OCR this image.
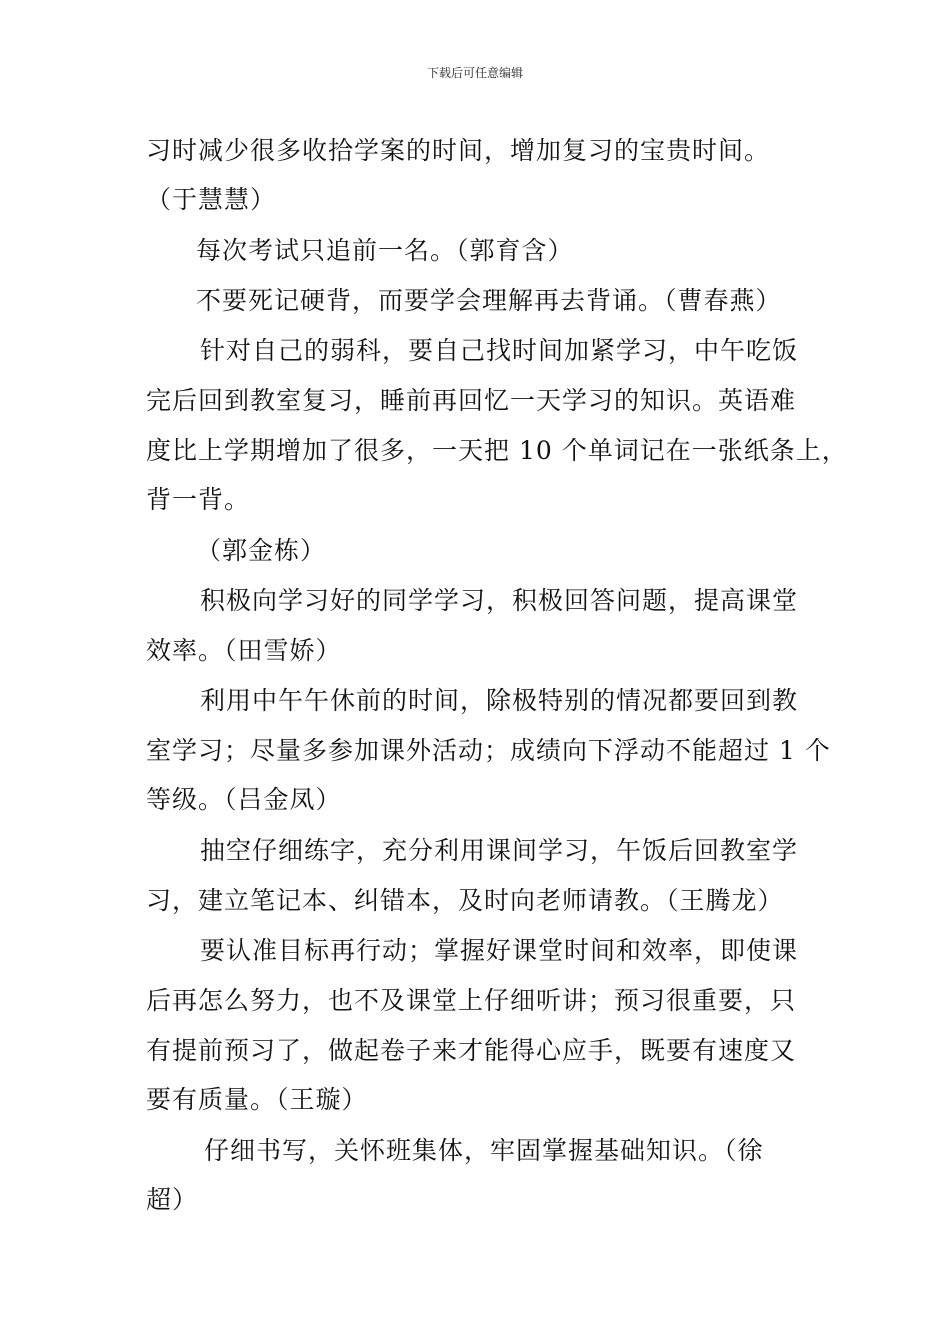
下载后可任意编辑
习时减少很多收拾学案的时间，增加复习的宝贵时间。
（于慧慧）
每次考试只追前一名。（郭育含）
不要死记硬背，而要学会理解再去背诵。（曹春燕）
针对自己的弱科，要自己找时间加紧学习，中午吃饭
完后回到教室复习，睡前再回忆一天学习的知识。英语难
度比上学期增加了很多，一天把 10 个单词记在一张纸条上，
背一背。
（郭金栋）
积极向学习好的同学学习，积极回答问题，提高课堂
效率。（田雪娇）
利用中午午休前的时间，除极特别的情况都要回到教
室学习；尽量多参加课外活动；成绩向下浮动不能超过 1 个
等级。（吕金凤）
抽空仔细练字，充分利用课间学习，午饭后回教室学
习，建立笔记本、纠错本，及时向老师请教。（王腾龙）
要认准目标再行动；掌握好课堂时间和效率，即使课
后再怎么努力，也不及课堂上仔细听讲；预习很重要，只
有提前预习了，做起卷子来才能得心应手，既要有速度又
要有质量。（王璇）
仔细书写，关怀班集体，牢固掌握基础知识。（徐
超）
